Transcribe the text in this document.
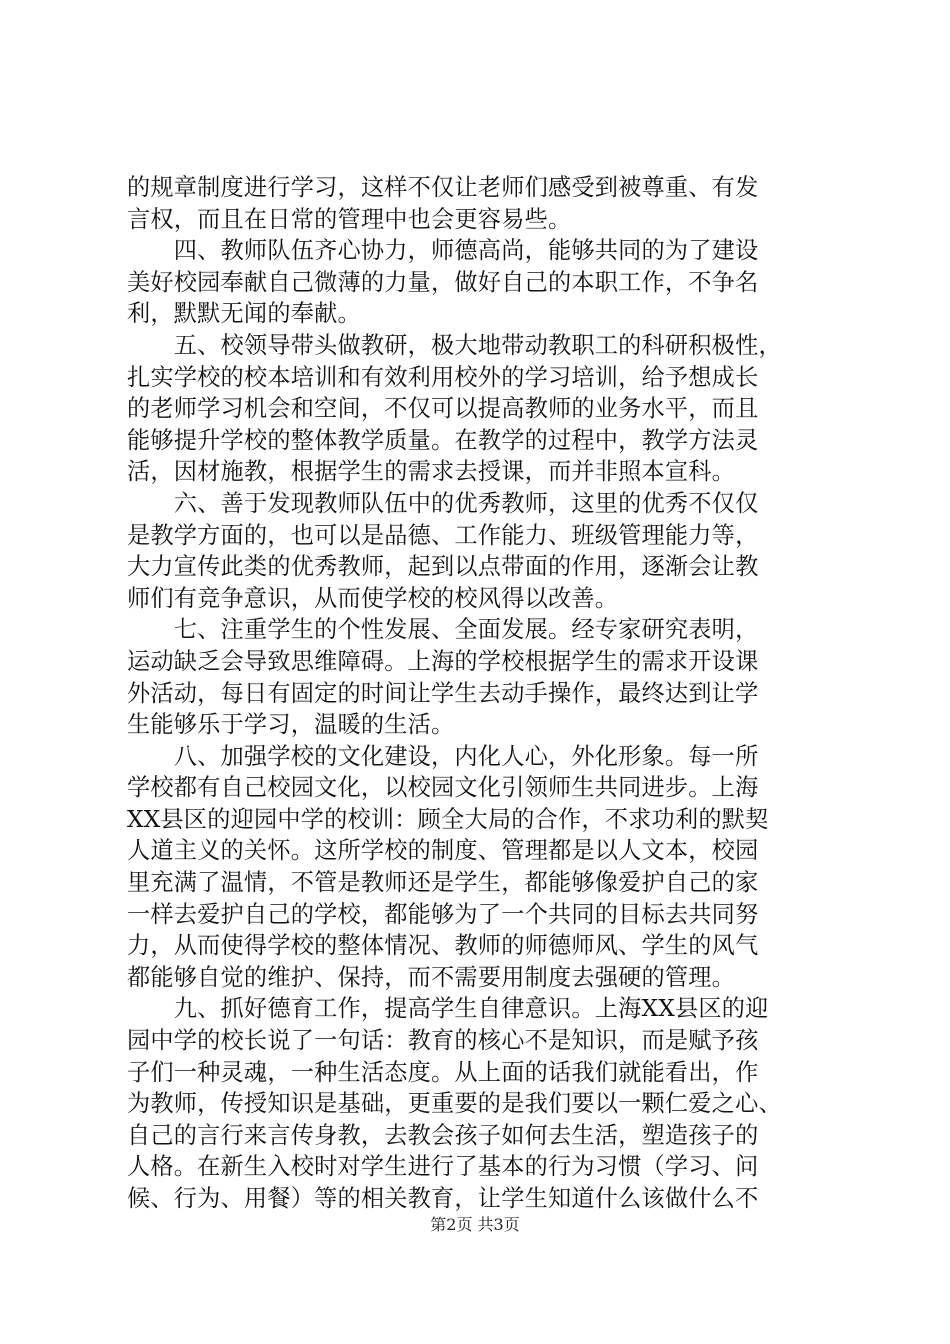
的规章制度进行学习，这样不仅让老师们感受到被尊重、有发
言权，而且在日常的管理中也会更容易些。
　　四、教师队伍齐心协力，师德高尚，能够共同的为了建设
美好校园奉献自己微薄的力量，做好自己的本职工作，不争名
利，默默无闻的奉献。
　　五、校领导带头做教研，极大地带动教职工的科研积极性，
扎实学校的校本培训和有效利用校外的学习培训，给予想成长
的老师学习机会和空间，不仅可以提高教师的业务水平，而且
能够提升学校的整体教学质量。在教学的过程中，教学方法灵
活，因材施教，根据学生的需求去授课，而并非照本宣科。
　　六、善于发现教师队伍中的优秀教师，这里的优秀不仅仅
是教学方面的，也可以是品德、工作能力、班级管理能力等，
大力宣传此类的优秀教师，起到以点带面的作用，逐渐会让教
师们有竞争意识，从而使学校的校风得以改善。
　　七、注重学生的个性发展、全面发展。经专家研究表明，
运动缺乏会导致思维障碍。上海的学校根据学生的需求开设课
外活动，每日有固定的时间让学生去动手操作，最终达到让学
生能够乐于学习，温暖的生活。
　　八、加强学校的文化建设，内化人心，外化形象。每一所
学校都有自己校园文化，以校园文化引领师生共同进步。上海
XX县区的迎园中学的校训：顾全大局的合作，不求功利的默契
人道主义的关怀。这所学校的制度、管理都是以人文本，校园
里充满了温情，不管是教师还是学生，都能够像爱护自己的家
一样去爱护自己的学校，都能够为了一个共同的目标去共同努
力，从而使得学校的整体情况、教师的师德师风、学生的风气
都能够自觉的维护、保持，而不需要用制度去强硬的管理。
　　九、抓好德育工作，提高学生自律意识。上海XX县区的迎
园中学的校长说了一句话：教育的核心不是知识，而是赋予孩
子们一种灵魂，一种生活态度。从上面的话我们就能看出，作
为教师，传授知识是基础，更重要的是我们要以一颗仁爱之心、
自己的言行来言传身教，去教会孩子如何去生活，塑造孩子的
人格。在新生入校时对学生进行了基本的行为习惯（学习、问
候、行为、用餐）等的相关教育，让学生知道什么该做什么不
第2页 共3页
